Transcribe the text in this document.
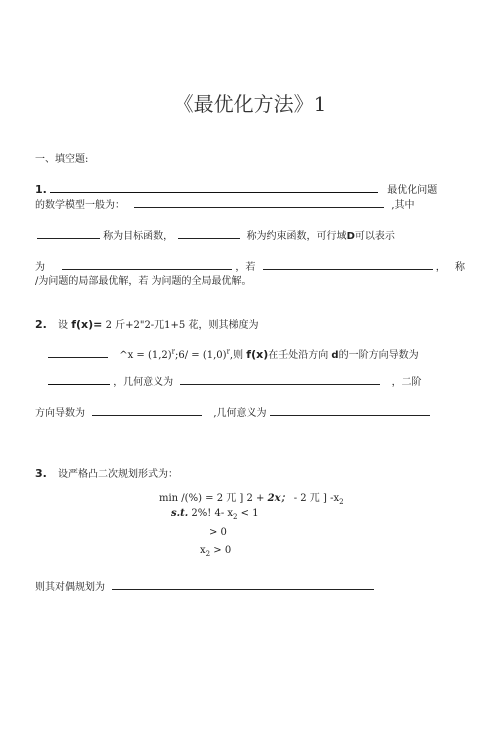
《最优化方法》1
一、填空题:
1.	最优化问题
的数学模型一般为：	,其中
称为目标函数，	称为约束函数，可行域D可以表示
为	，若	， 称
/为问题的局部最优解，若 为问题的全局最优解。
2. 设 f(x)= 2 斤+2"2-兀1+5 花，则其梯度为
^x = $(1,2)^r;6/ = (1,0)^r$,则 f(x)在壬处沿方向 d的一阶方向导数为
，几何意义为	，二阶
方向导数为	,几何意义为
3. 设严格凸二次规划形式为：
min /(%) = 2 兀 ] 2 + 2x； - 2 兀 ] $-x_2$
s.t. 2%! 4- $x_2 < 1$
> 0
$x_2 > 0$
则其对偶规划为
